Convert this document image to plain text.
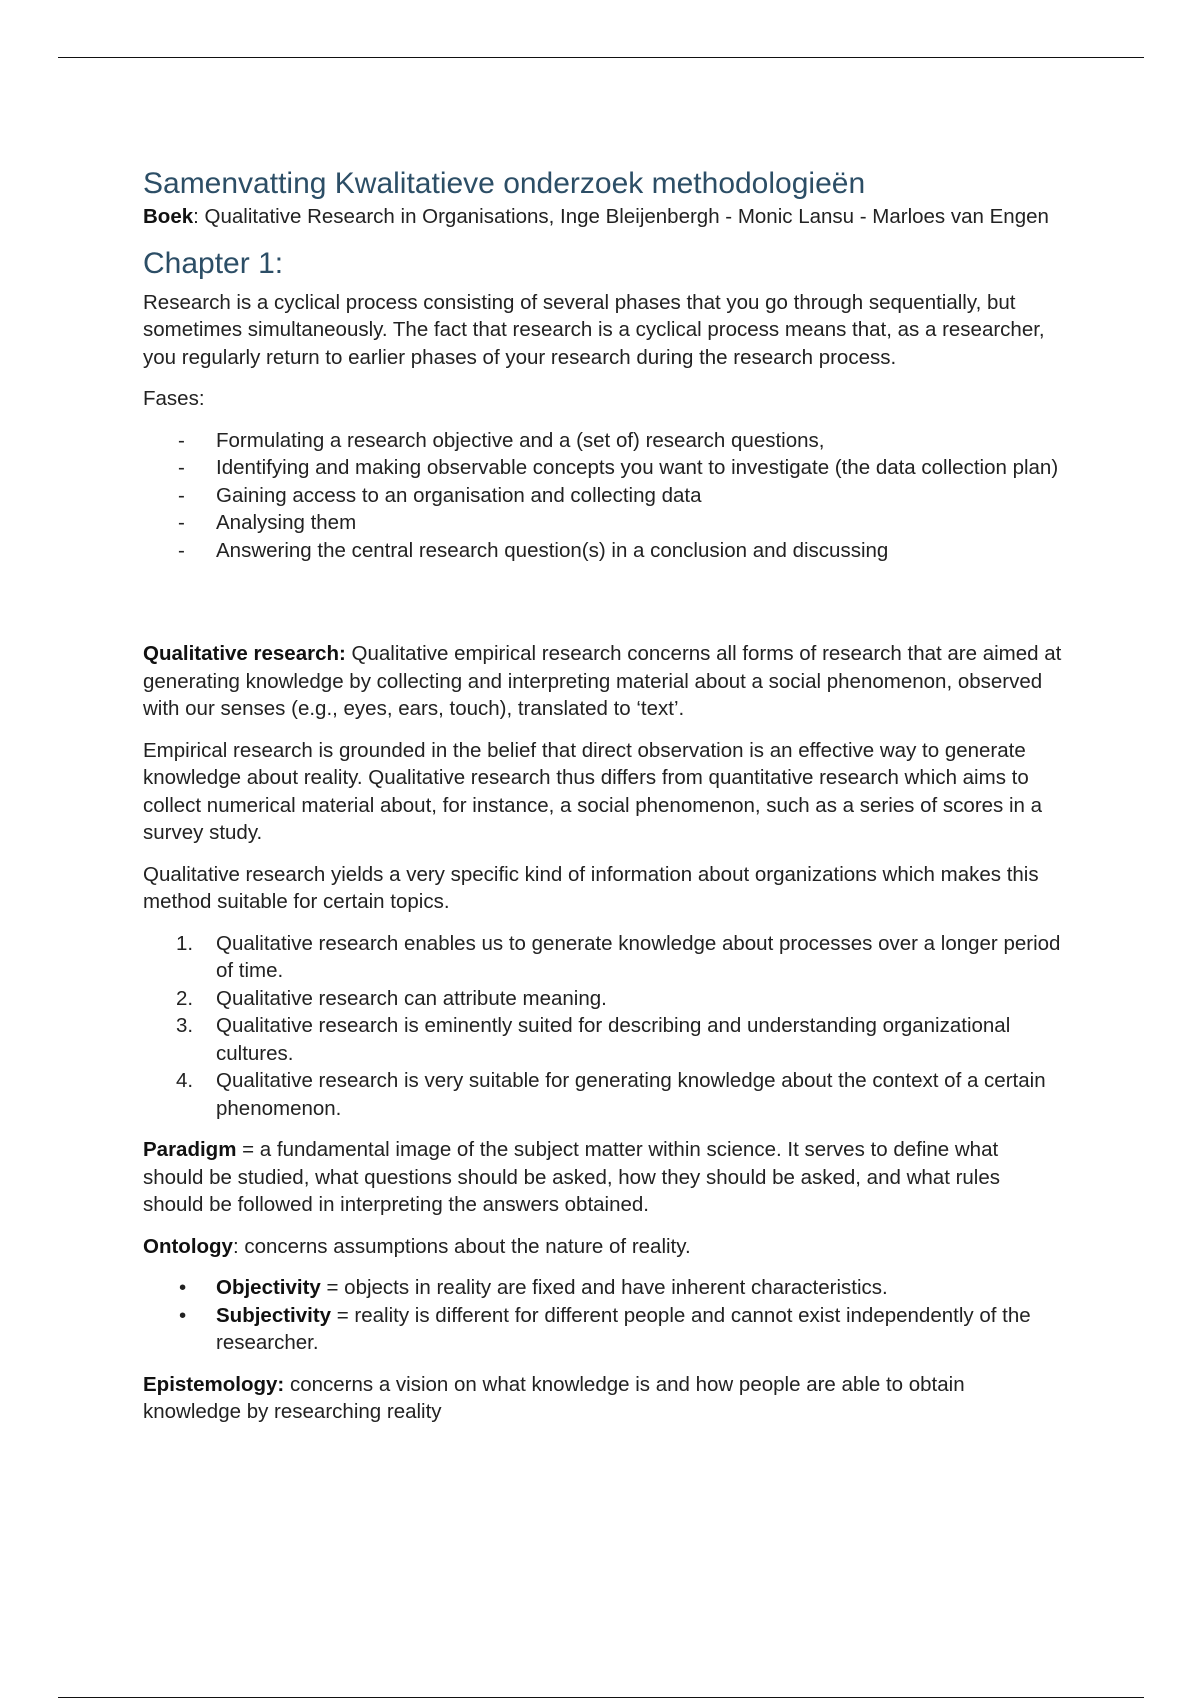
Samenvatting Kwalitatieve onderzoek methodologieën

Boek: Qualitative Research in Organisations, Inge Bleijenbergh - Monic Lansu - Marloes van Engen

Chapter 1:

Research is a cyclical process consisting of several phases that you go through sequentially, but sometimes simultaneously. The fact that research is a cyclical process means that, as a researcher, you regularly return to earlier phases of your research during the research process.

Fases:

- Formulating a research objective and a (set of) research questions,
- Identifying and making observable concepts you want to investigate (the data collection plan)
- Gaining access to an organisation and collecting data
- Analysing them
- Answering the central research question(s) in a conclusion and discussing

Qualitative research: Qualitative empirical research concerns all forms of research that are aimed at generating knowledge by collecting and interpreting material about a social phenomenon, observed with our senses (e.g., eyes, ears, touch), translated to ‘text’.

Empirical research is grounded in the belief that direct observation is an effective way to generate knowledge about reality. Qualitative research thus differs from quantitative research which aims to collect numerical material about, for instance, a social phenomenon, such as a series of scores in a survey study.

Qualitative research yields a very specific kind of information about organizations which makes this method suitable for certain topics.

1. Qualitative research enables us to generate knowledge about processes over a longer period of time.
2. Qualitative research can attribute meaning.
3. Qualitative research is eminently suited for describing and understanding organizational cultures.
4. Qualitative research is very suitable for generating knowledge about the context of a certain phenomenon.

Paradigm = a fundamental image of the subject matter within science. It serves to define what should be studied, what questions should be asked, how they should be asked, and what rules should be followed in interpreting the answers obtained.

Ontology: concerns assumptions about the nature of reality.

• Objectivity = objects in reality are fixed and have inherent characteristics.
• Subjectivity = reality is different for different people and cannot exist independently of the researcher.

Epistemology: concerns a vision on what knowledge is and how people are able to obtain knowledge by researching reality
